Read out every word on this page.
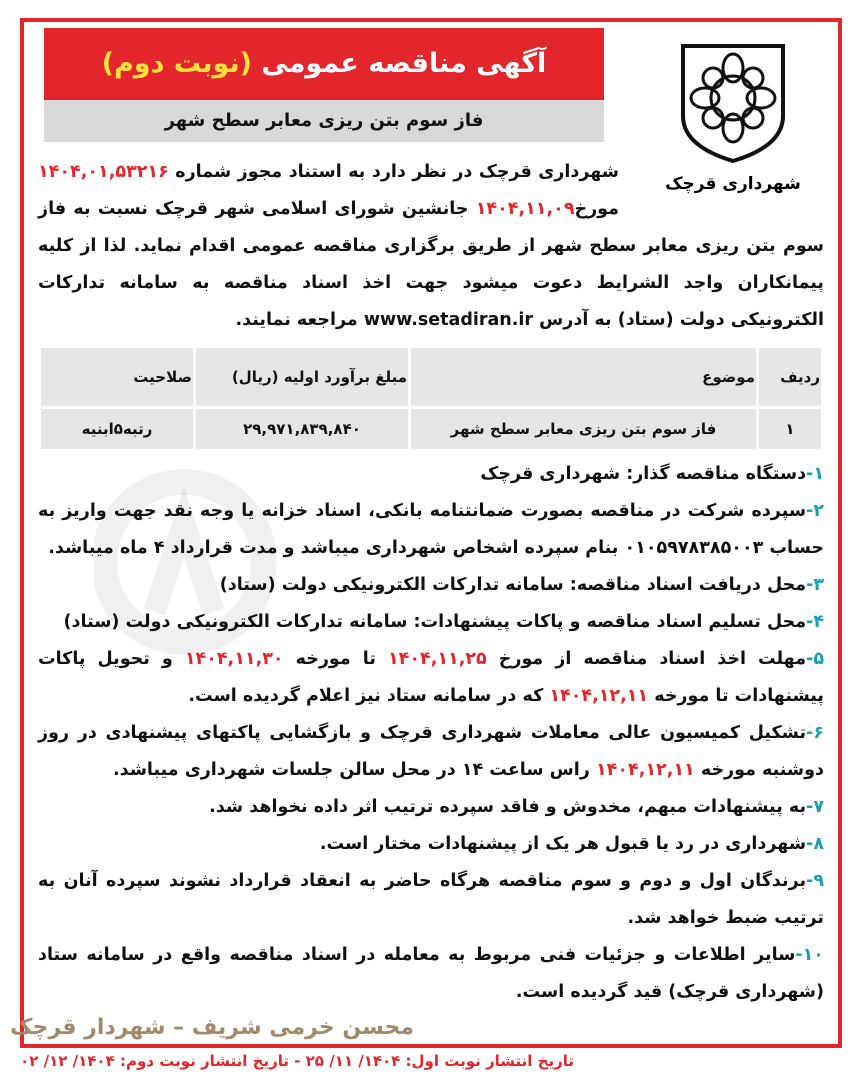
آگهی مناقصه عمومی (نوبت دوم)
فاز سوم بتن ریزی معابر سطح شهر
شهرداری قرچک
شهرداری قرچک در نظر دارد به استناد مجوز شماره ۱۴۰۴,۰۱,۵۳۲۱۶ مورخ۱۴۰۴,۱۱,۰۹ جانشین شورای اسلامی شهر قرچک نسبت به فاز سوم بتن ریزی معابر سطح شهر از طریق برگزاری مناقصه عمومی اقدام نماید. لذا از کلیه پیمانکاران واجد الشرایط دعوت میشود جهت اخذ اسناد مناقصه به سامانه تدارکات الکترونیکی دولت (ستاد) به آدرس www.setadiran.ir مراجعه نمایند.
ردیف	موضوع	مبلغ برآورد اولیه (ریال)	صلاحیت
۱	فاز سوم بتن ریزی معابر سطح شهر	۲۹,۹۷۱,۸۳۹,۸۴۰	رتبه۵ابنیه

۱-دستگاه مناقصه گذار: شهرداری قرچک

۲-سپرده شرکت در مناقصه بصورت ضمانتنامه بانکی، اسناد خزانه یا وجه نقد جهت واریز به حساب ۰۱۰۵۹۷۸۳۸۵۰۰۳ بنام سپرده اشخاص شهرداری میباشد و مدت قرارداد ۴ ماه میباشد.

۳-محل دریافت اسناد مناقصه: سامانه تدارکات الکترونیکی دولت (ستاد)

۴-محل تسلیم اسناد مناقصه و پاکات پیشنهادات: سامانه تدارکات الکترونیکی دولت (ستاد)

۵-مهلت اخذ اسناد مناقصه از مورخ ۱۴۰۴,۱۱,۲۵ تا مورخه ۱۴۰۴,۱۱,۳۰ و تحویل پاکات پیشنهادات تا مورخه ۱۴۰۴,۱۲,۱۱ که در سامانه ستاد نیز اعلام گردیده است.

۶-تشکیل کمیسیون عالی معاملات شهرداری قرچک و بازگشایی پاکتهای پیشنهادی در روز دوشنبه مورخه ۱۴۰۴,۱۲,۱۱ راس ساعت ۱۴ در محل سالن جلسات شهرداری میباشد.

۷-به پیشنهادات مبهم، مخدوش و فاقد سپرده ترتیب اثر داده نخواهد شد.

۸-شهرداری در رد یا قبول هر یک از پیشنهادات مختار است.

۹-برندگان اول و دوم و سوم مناقصه هرگاه حاضر به انعقاد قرارداد نشوند سپرده آنان به ترتیب ضبط خواهد شد.

۱۰-سایر اطلاعات و جزئیات فنی مربوط به معامله در اسناد مناقصه واقع در سامانه ستاد (شهرداری قرچک) قید گردیده است.

محسن خرمی شریف – شهردار قرچک
تاریخ انتشار نوبت اول: ۱۴۰۴/ ۱۱/ ۲۵ - تاریخ انتشار نوبت دوم: ۱۴۰۴/ ۱۲/ ۰۲
